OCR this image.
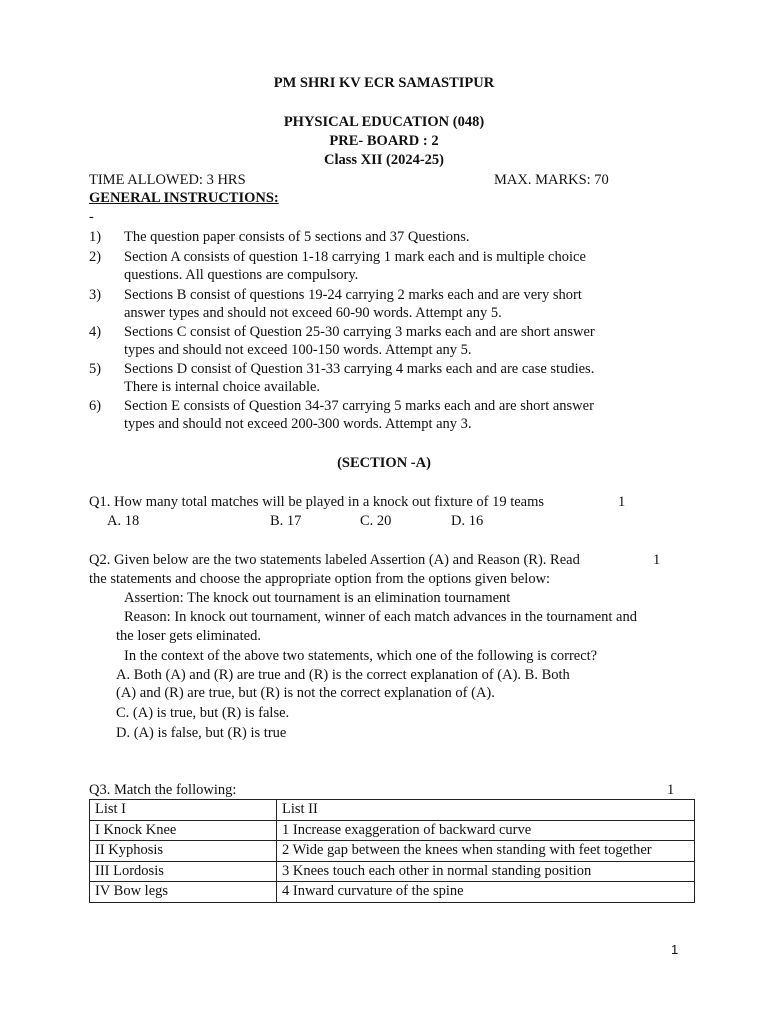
PM SHRI KV ECR SAMASTIPUR
PHYSICAL EDUCATION (048)
PRE- BOARD : 2
Class XII (2024-25)
TIME ALLOWED: 3 HRS	MAX. MARKS: 70
GENERAL INSTRUCTIONS:
-
1) The question paper consists of 5 sections and 37 Questions.
2) Section A consists of question 1-18 carrying 1 mark each and is multiple choice
questions. All questions are compulsory.
3) Sections B consist of questions 19-24 carrying 2 marks each and are very short
answer types and should not exceed 60-90 words. Attempt any 5.
4) Sections C consist of Question 25-30 carrying 3 marks each and are short answer
types and should not exceed 100-150 words. Attempt any 5.
5) Sections D consist of Question 31-33 carrying 4 marks each and are case studies.
There is internal choice available.
6) Section E consists of Question 34-37 carrying 5 marks each and are short answer
types and should not exceed 200-300 words. Attempt any 3.
(SECTION -A)
Q1. How many total matches will be played in a knock out fixture of 19 teams	1
A. 18	B. 17	C. 20	D. 16
Q2. Given below are the two statements labeled Assertion (A) and Reason (R). Read	1
the statements and choose the appropriate option from the options given below:
Assertion: The knock out tournament is an elimination tournament
Reason: In knock out tournament, winner of each match advances in the tournament and
the loser gets eliminated.
In the context of the above two statements, which one of the following is correct?
A. Both (A) and (R) are true and (R) is the correct explanation of (A). B. Both
(A) and (R) are true, but (R) is not the correct explanation of (A).
C. (A) is true, but (R) is false.
D. (A) is false, but (R) is true
Q3. Match the following:	1
List I	List II
I Knock Knee	1 Increase exaggeration of backward curve
II Kyphosis	2 Wide gap between the knees when standing with feet together
III Lordosis	3 Knees touch each other in normal standing position
IV Bow legs	4 Inward curvature of the spine
1
